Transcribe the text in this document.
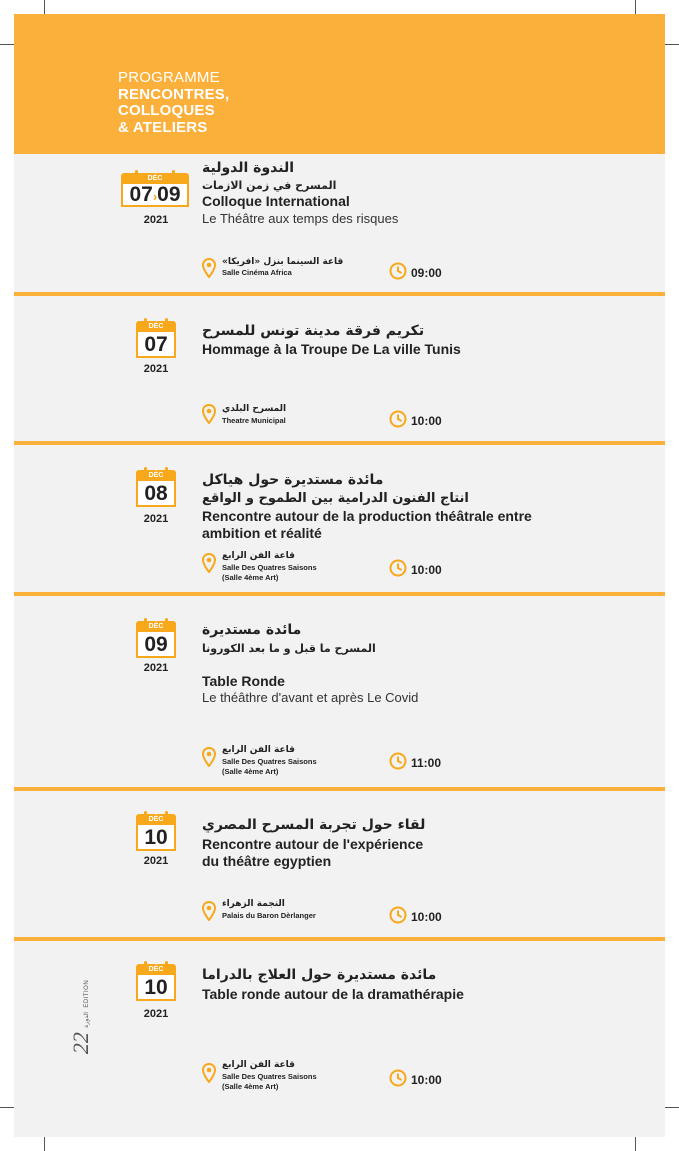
PROGRAMME
RENCONTRES,
COLLOQUES
& ATELIERS
DÉC
07›09
2021
الندوة الدولية
المسرح في زمن الازمات
Colloque International
Le Théâtre aux temps des risques
قاعة السينما بنزل «افريكا»
Salle Cinéma Africa	09:00
DÉC
07
2021
تكريم فرقة مدينة تونس للمسرح
Hommage à la Troupe De La ville Tunis
المسرح البلدي
Theatre Municipal	10:00
DÉC
08
2021
مائدة مستديرة حول هياكل
انتاج الفنون الدرامية بين الطموح و الواقع
Rencontre autour de la production théâtrale entre
ambition et réalité
قاعة الفن الرابع
Salle Des Quatres Saisons
(Salle 4ème Art)
10:00
DÉC
09
2021
مائدة مستديرة
المسرح ما قبل و ما بعد الكورونا
Table Ronde
Le théâthre d'avant et après Le Covid
قاعة الفن الرابع
Salle Des Quatres Saisons
(Salle 4ème Art)
11:00
DÉC
10
2021
لقاء حول تجربة المسرح المصري
Rencontre autour de l'expérience
du théâtre egyptien
النجمة الزهراء
Palais du Baron Dèrlanger	10:00
DÉC
10
2021
مائدة مستديرة حول العلاج بالدراما
Table ronde autour de la dramathérapie
قاعة الفن الرابع
Salle Des Quatres Saisons
(Salle 4ème Art)	10:00
الدورة 22 EDITION
